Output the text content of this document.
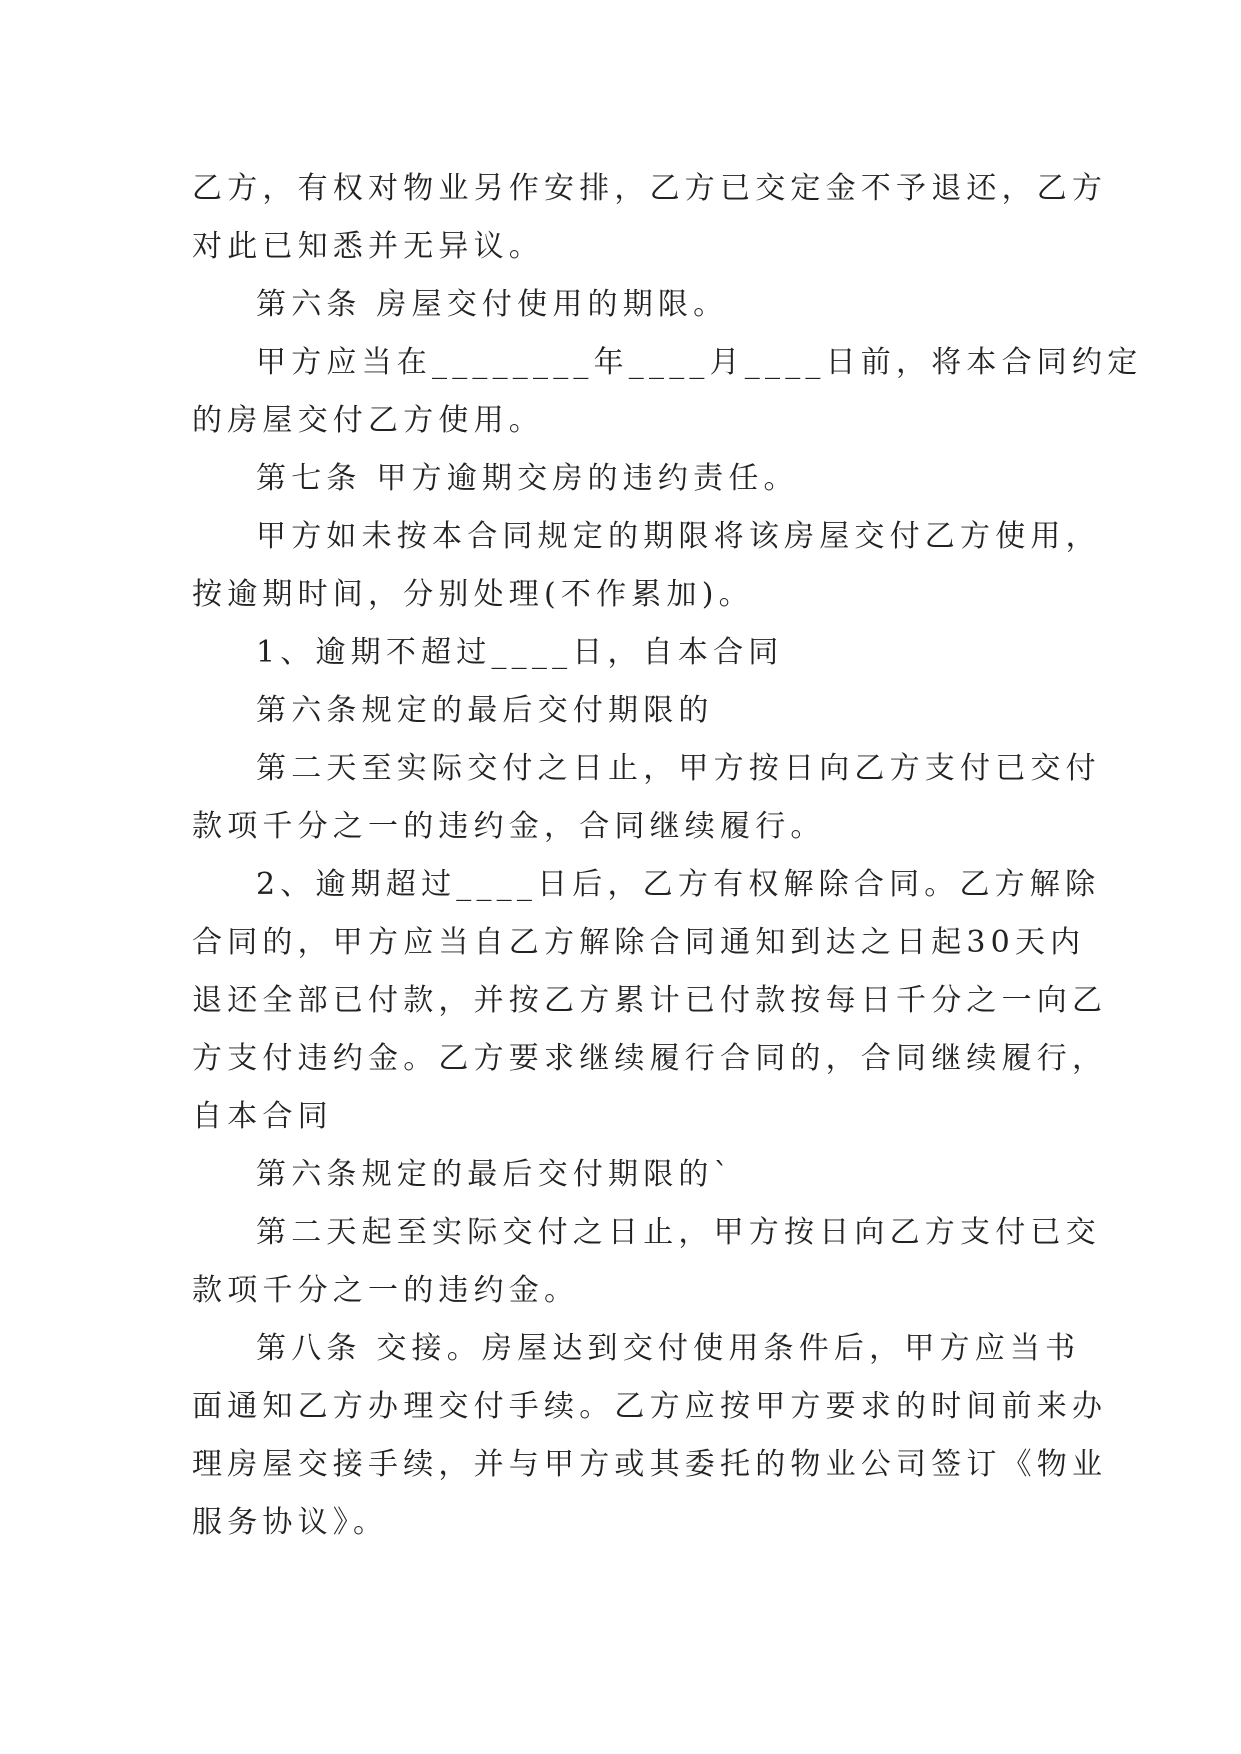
乙方，有权对物业另作安排，乙方已交定金不予退还，乙方
对此已知悉并无异议。
第六条 房屋交付使用的期限。
甲方应当在________年____月____日前，将本合同约定
的房屋交付乙方使用。
第七条 甲方逾期交房的违约责任。
甲方如未按本合同规定的期限将该房屋交付乙方使用，
按逾期时间，分别处理(不作累加)。
1、逾期不超过____日，自本合同
第六条规定的最后交付期限的
第二天至实际交付之日止，甲方按日向乙方支付已交付
款项千分之一的违约金，合同继续履行。
2、逾期超过____日后，乙方有权解除合同。乙方解除
合同的，甲方应当自乙方解除合同通知到达之日起30天内
退还全部已付款，并按乙方累计已付款按每日千分之一向乙
方支付违约金。乙方要求继续履行合同的，合同继续履行，
自本合同
第六条规定的最后交付期限的`
第二天起至实际交付之日止，甲方按日向乙方支付已交
款项千分之一的违约金。
第八条 交接。房屋达到交付使用条件后，甲方应当书
面通知乙方办理交付手续。乙方应按甲方要求的时间前来办
理房屋交接手续，并与甲方或其委托的物业公司签订《物业
服务协议》。
